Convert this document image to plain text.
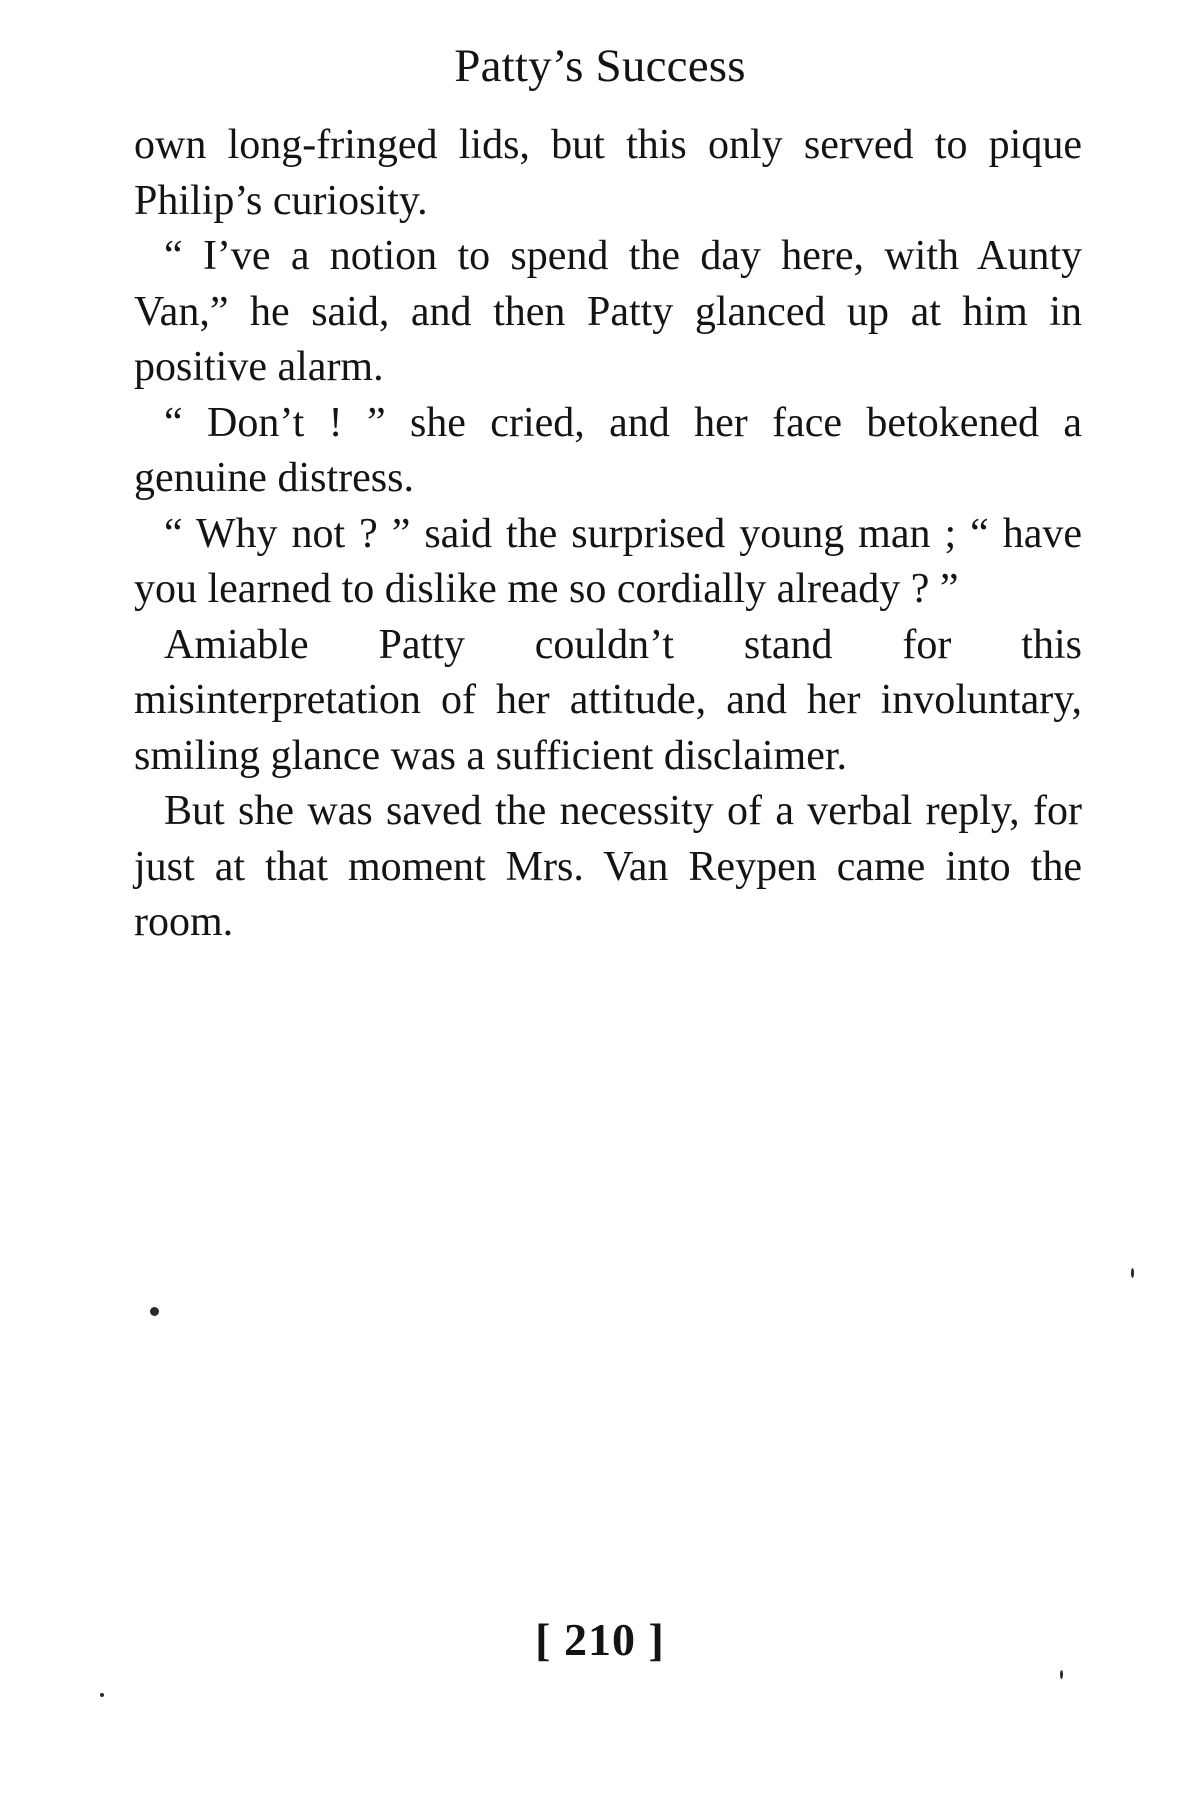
Patty’s Success

own long-fringed lids, but this only served to pique Philip’s curiosity.

“ I’ve a notion to spend the day here, with Aunty Van,” he said, and then Patty glanced up at him in positive alarm.

“ Don’t ! ” she cried, and her face betokened a genuine distress.

“ Why not ? ” said the surprised young man ; “ have you learned to dislike me so cordially already ? ”

Amiable Patty couldn’t stand for this misinterpretation of her attitude, and her involuntary, smiling glance was a sufficient disclaimer.

But she was saved the necessity of a verbal reply, for just at that moment Mrs. Van Reypen came into the room.

[ 210 ]
